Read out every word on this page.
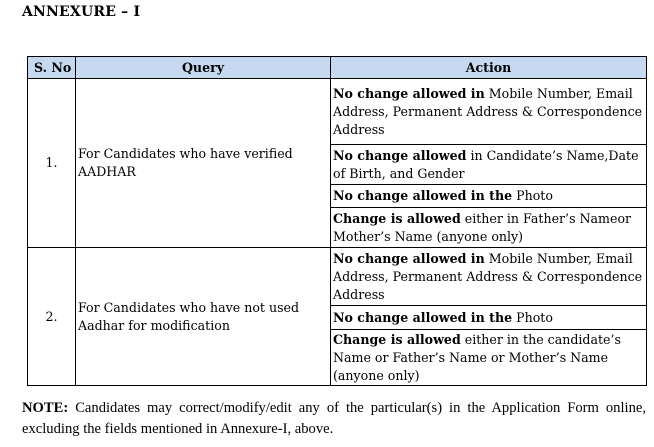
ANNEXURE – I
S. No	Query	Action
1.	For Candidates who have verified AADHAR	No change allowed in Mobile Number, Email Address, Permanent Address & Correspondence Address
		No change allowed in Candidate’s Name,Date of Birth, and Gender
		No change allowed in the Photo
		Change is allowed either in Father’s Nameor Mother’s Name (anyone only)
2.	For Candidates who have not used Aadhar for modification	No change allowed in Mobile Number, Email Address, Permanent Address & Correspondence Address
		No change allowed in the Photo
		Change is allowed either in the candidate’s Name or Father’s Name or Mother’s Name (anyone only)
NOTE: Candidates may correct/modify/edit any of the particular(s) in the Application Form online, excluding the fields mentioned in Annexure-I, above.
